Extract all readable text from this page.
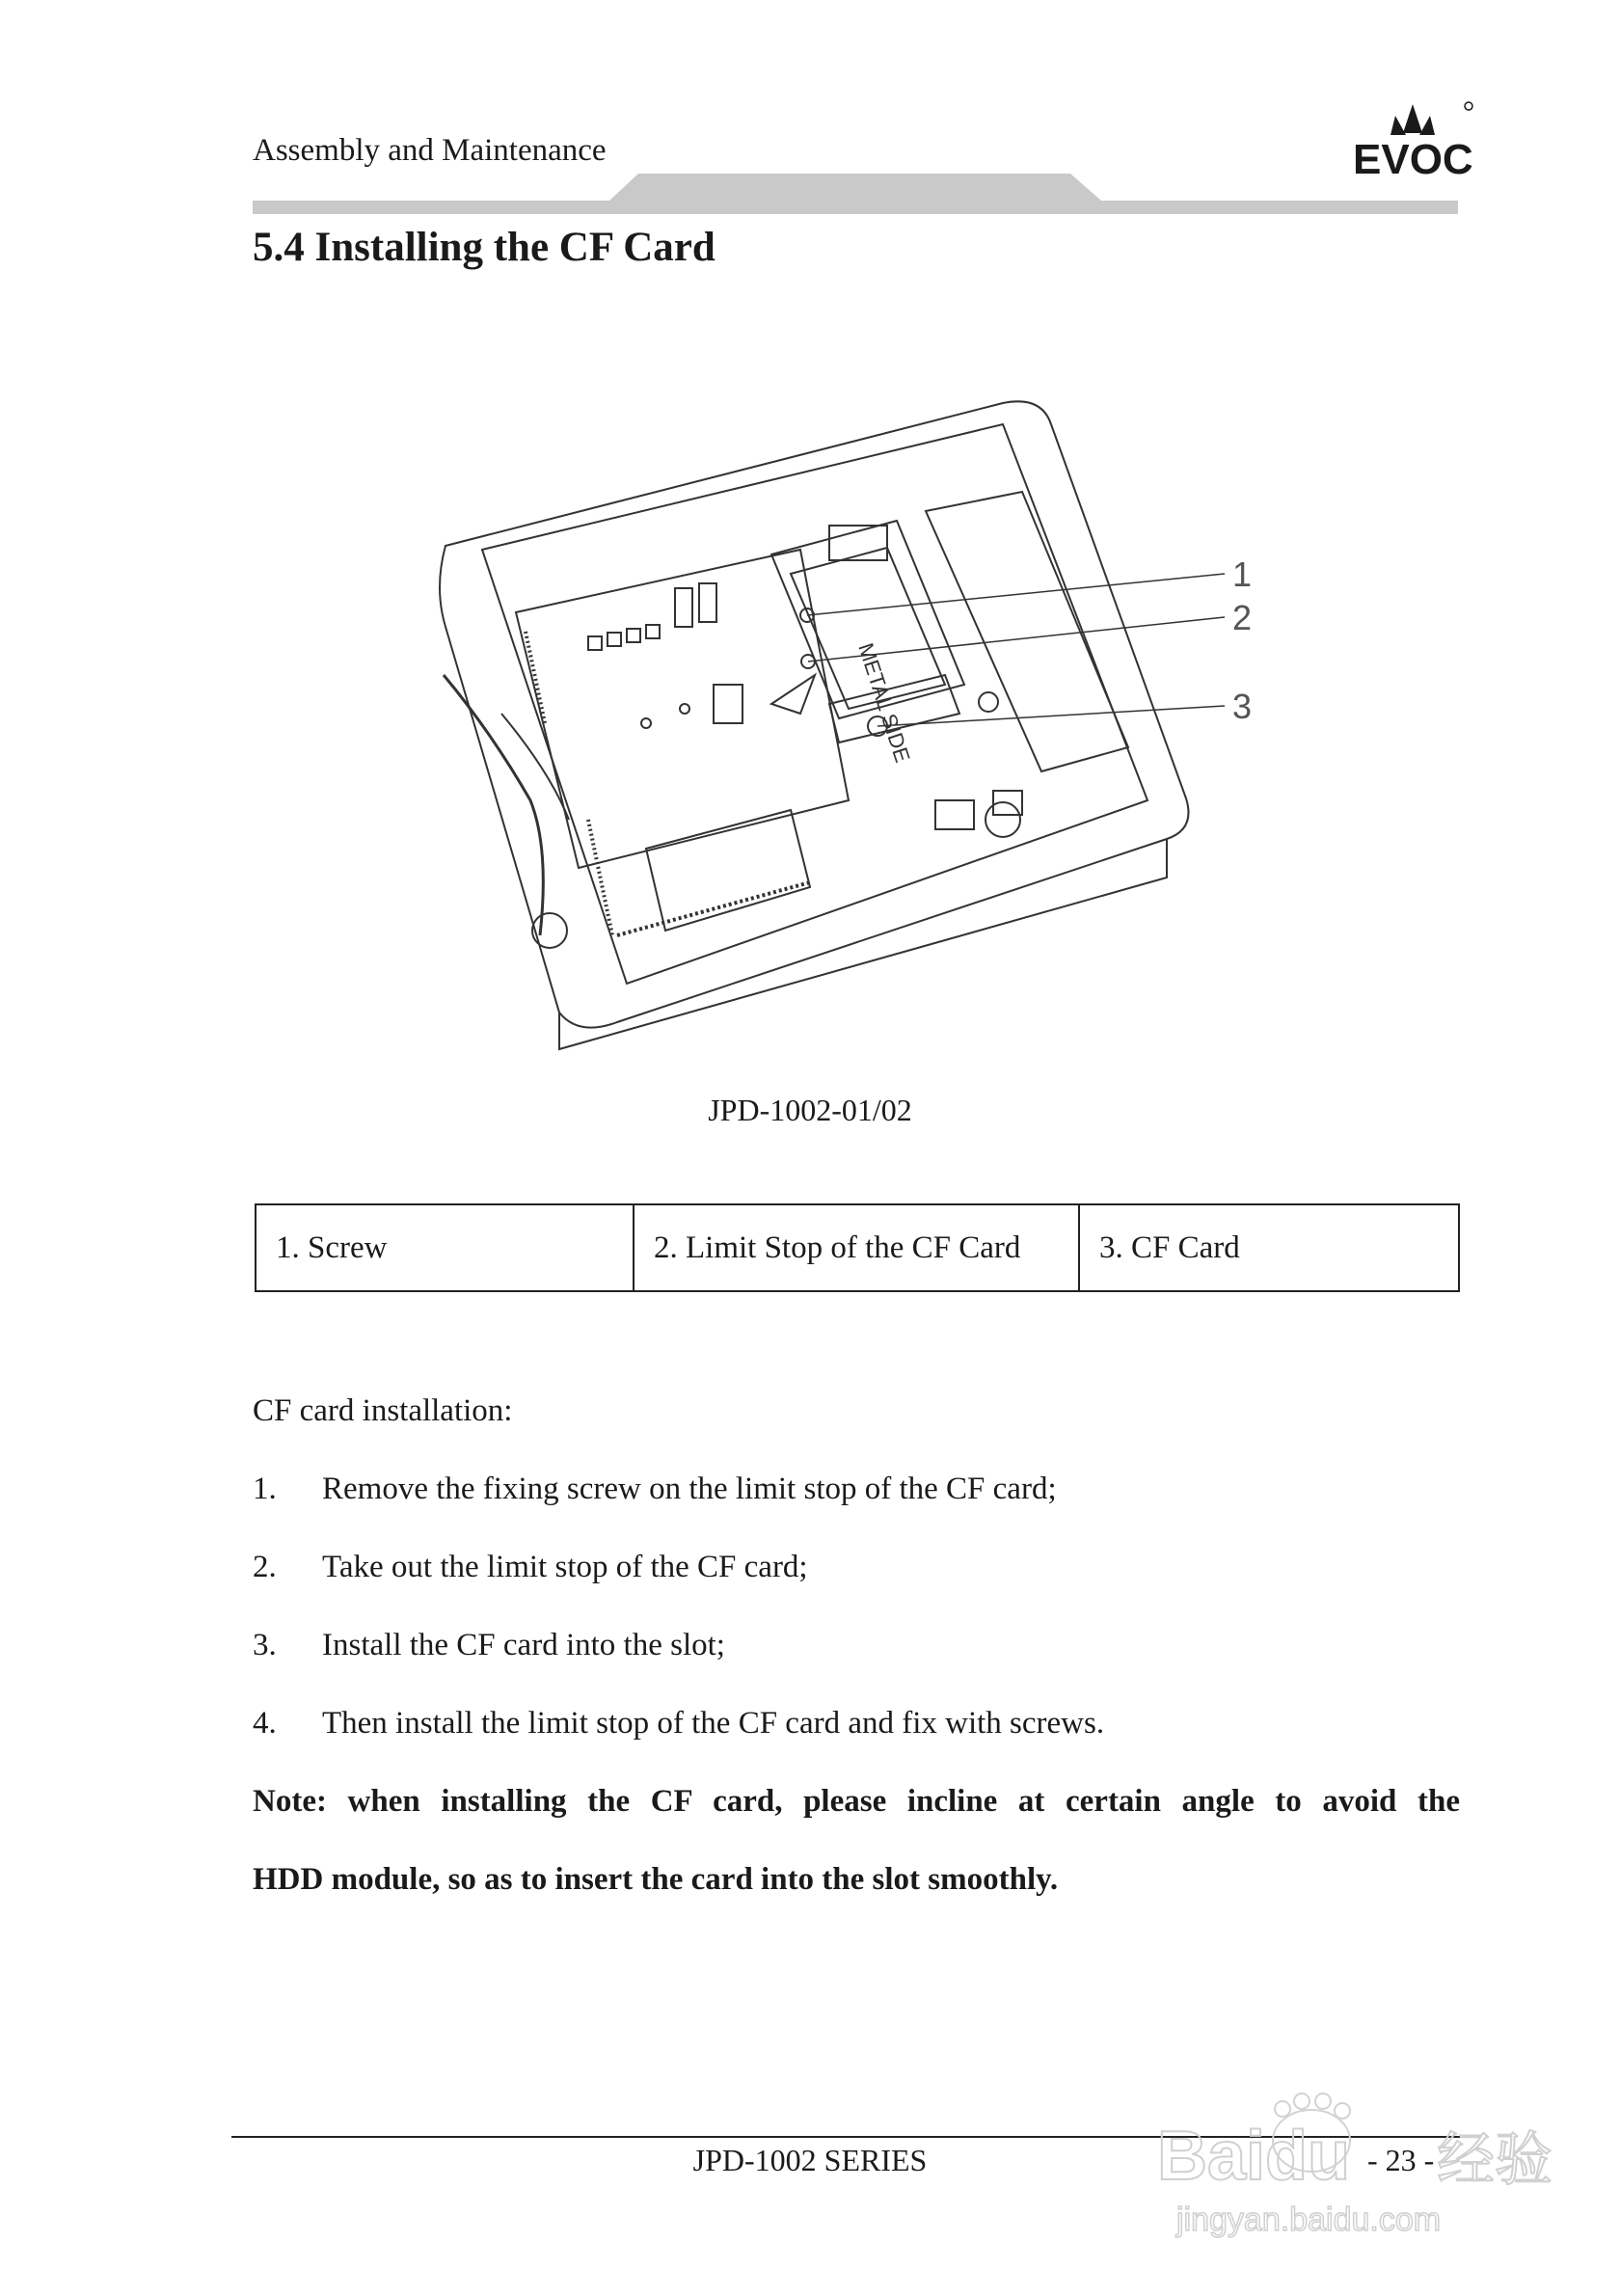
Assembly and Maintenance	EVOC
5.4 Installing the CF Card
METAL SIDE
1
2
3
JPD-1002-01/02
1. Screw	2. Limit Stop of the CF Card	3. CF Card
CF card installation:
1. Remove the fixing screw on the limit stop of the CF card;
2. Take out the limit stop of the CF card;
3. Install the CF card into the slot;
4. Then install the limit stop of the CF card and fix with screws.
Note: when installing the CF card, please incline at certain angle to avoid the
HDD module, so as to insert the card into the slot smoothly.
JPD-1002 SERIES	- 23 -
Baidu 经验
jingyan.baidu.com
